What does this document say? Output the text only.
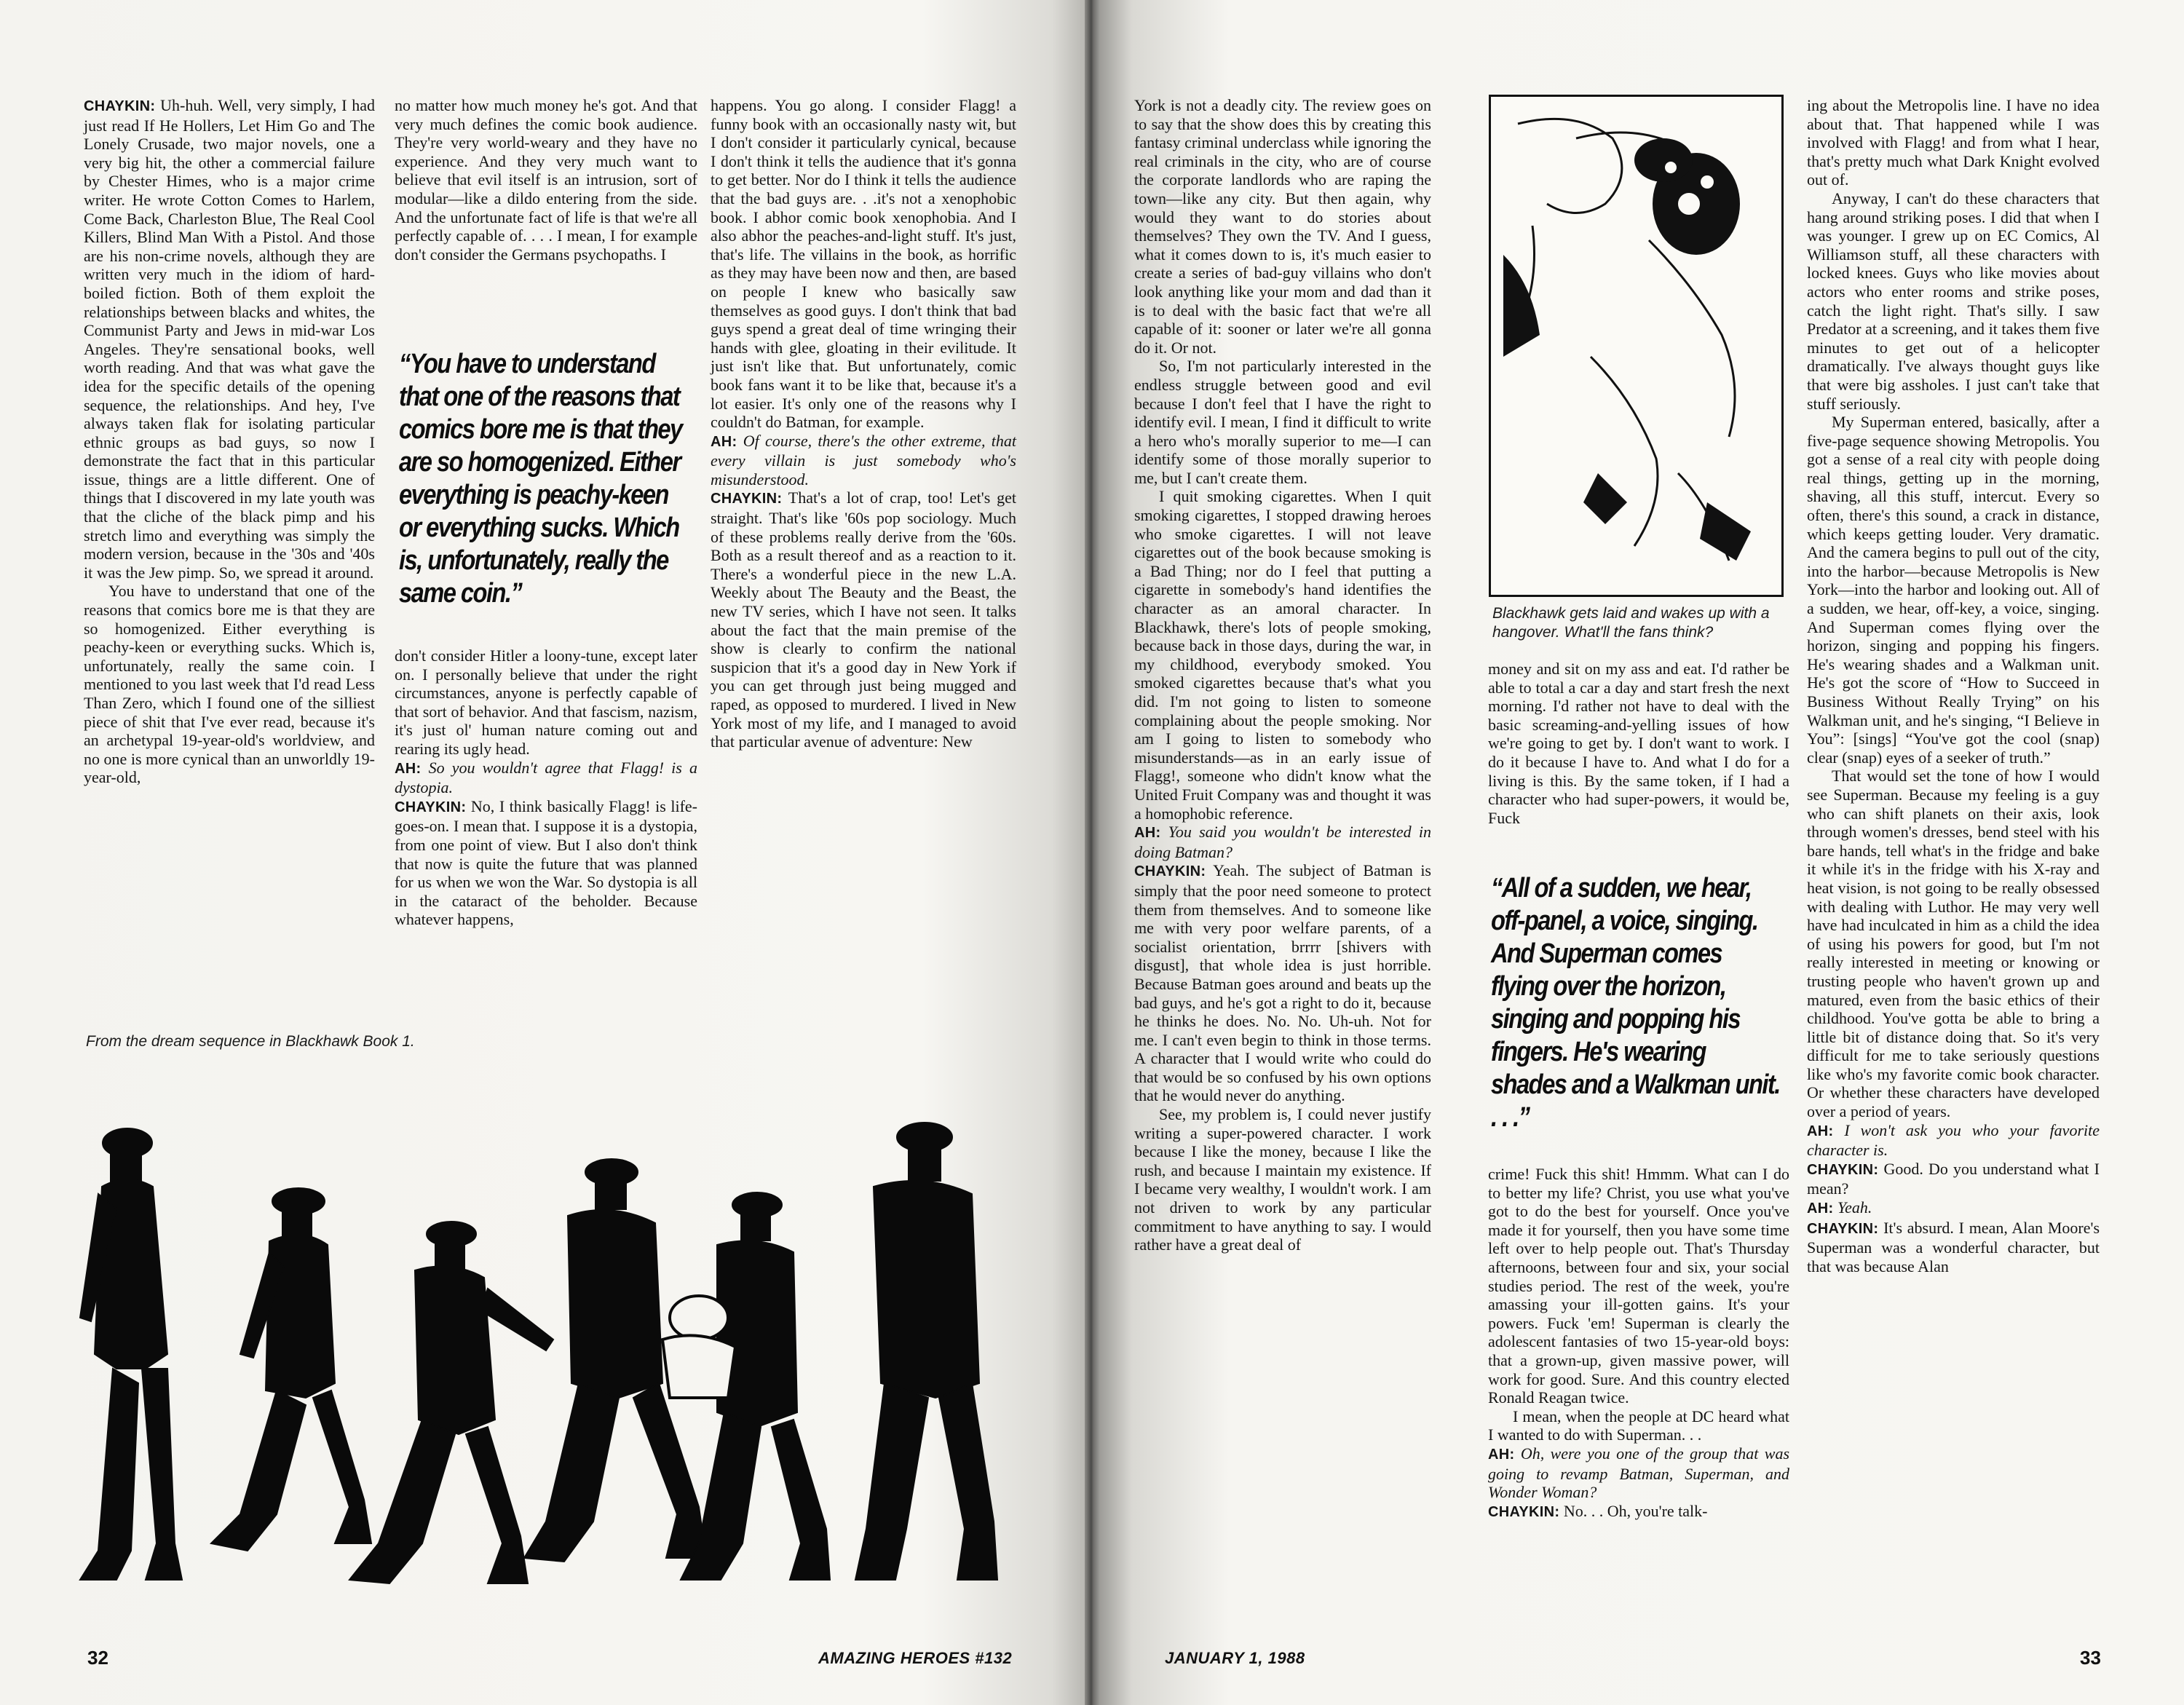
CHAYKIN: Uh-huh. Well, very simply, I had just read If He Hollers, Let Him Go and The Lonely Crusade, two major novels, one a very big hit, the other a commercial failure by Chester Himes, who is a major crime writer. He wrote Cotton Comes to Harlem, Come Back, Charleston Blue, The Real Cool Killers, Blind Man With a Pistol. And those are his non-crime novels, although they are written very much in the idiom of hard-boiled fiction. Both of them exploit the relationships between blacks and whites, the Communist Party and Jews in mid-war Los Angeles. They're sensational books, well worth reading. And that was what gave the idea for the specific details of the opening sequence, the relationships. And hey, I've always taken flak for isolating particular ethnic groups as bad guys, so now I demonstrate the fact that in this particular issue, things are a little different. One of things that I discovered in my late youth was that the cliche of the black pimp and his stretch limo and everything was simply the modern version, because in the '30s and '40s it was the Jew pimp. So, we spread it around.

You have to understand that one of the reasons that comics bore me is that they are so homogenized. Either everything is peachy-keen or everything sucks. Which is, unfortunately, really the same coin. I mentioned to you last week that I'd read Less Than Zero, which I found one of the silliest piece of shit that I've ever read, because it's an archetypal 19-year-old's worldview, and no one is more cynical than an unworldly 19-year-old,

no matter how much money he's got. And that very much defines the comic book audience. They're very world-weary and they have no experience. And they very much want to believe that evil itself is an intrusion, sort of modular—like a dildo entering from the side. And the unfortunate fact of life is that we're all perfectly capable of. . . . I mean, I for example don't consider the Germans psychopaths. I

“You have to understand that one of the reasons that comics bore me is that they are so homogenized. Either everything is peachy-keen or everything sucks. Which is, unfortunately, really the same coin.”

don't consider Hitler a loony-tune, except later on. I personally believe that under the right circumstances, anyone is perfectly capable of that sort of behavior. And that fascism, nazism, it's just ol' human nature coming out and rearing its ugly head.

AH: So you wouldn't agree that Flagg! is a dystopia.

CHAYKIN: No, I think basically Flagg! is life-goes-on. I mean that. I suppose it is a dystopia, from one point of view. But I also don't think that now is quite the future that was planned for us when we won the War. So dystopia is all in the cataract of the beholder. Because whatever happens,

happens. You go along. I consider Flagg! a funny book with an occasionally nasty wit, but I don't consider it particularly cynical, because I don't think it tells the audience that it's gonna to get better. Nor do I think it tells the audience that the bad guys are. . .it's not a xenophobic book. I abhor comic book xenophobia. And I also abhor the peaches-and-light stuff. It's just, that's life. The villains in the book, as horrific as they may have been now and then, are based on people I knew who basically saw themselves as good guys. I don't think that bad guys spend a great deal of time wringing their hands with glee, gloating in their evilitude. It just isn't like that. But unfortunately, comic book fans want it to be like that, because it's a lot easier. It's only one of the reasons why I couldn't do Batman, for example.

AH: Of course, there's the other extreme, that every villain is just somebody who's misunderstood.

CHAYKIN: That's a lot of crap, too! Let's get straight. That's like '60s pop sociology. Much of these problems really derive from the '60s. Both as a result thereof and as a reaction to it. There's a wonderful piece in the new L.A. Weekly about The Beauty and the Beast, the new TV series, which I have not seen. It talks about the fact that the main premise of the show is clearly to confirm the national suspicion that it's a good day in New York if you can get through just being mugged and raped, as opposed to murdered. I lived in New York most of my life, and I managed to avoid that particular avenue of adventure: New

From the dream sequence in Blackhawk Book 1.
32	AMAZING HEROES #132

York is not a deadly city. The review goes on to say that the show does this by creating this fantasy criminal underclass while ignoring the real criminals in the city, who are of course the corporate landlords who are raping the town—like any city. But then again, why would they want to do stories about themselves? They own the TV. And I guess, what it comes down to is, it's much easier to create a series of bad-guy villains who don't look anything like your mom and dad than it is to deal with the basic fact that we're all capable of it: sooner or later we're all gonna do it. Or not.

So, I'm not particularly interested in the endless struggle between good and evil because I don't feel that I have the right to identify evil. I mean, I find it difficult to write a hero who's morally superior to me—I can identify some of those morally superior to me, but I can't create them.

I quit smoking cigarettes. When I quit smoking cigarettes, I stopped drawing heroes who smoke cigarettes. I will not leave cigarettes out of the book because smoking is a Bad Thing; nor do I feel that putting a cigarette in somebody's hand identifies the character as an amoral character. In Blackhawk, there's lots of people smoking, because back in those days, during the war, in my childhood, everybody smoked. You smoked cigarettes because that's what you did. I'm not going to listen to someone complaining about the people smoking. Nor am I going to listen to somebody who misunderstands—as in an early issue of Flagg!, someone who didn't know what the United Fruit Company was and thought it was a homophobic reference.

AH: You said you wouldn't be interested in doing Batman?

CHAYKIN: Yeah. The subject of Batman is simply that the poor need someone to protect them from themselves. And to someone like me with very poor welfare parents, of a socialist orientation, brrrr [shivers with disgust], that whole idea is just horrible. Because Batman goes around and beats up the bad guys, and he's got a right to do it, because he thinks he does. No. No. Uh-uh. Not for me. I can't even begin to think in those terms. A character that I would write who could do that would be so confused by his own options that he would never do anything.

See, my problem is, I could never justify writing a super-powered character. I work because I like the money, because I like the rush, and because I maintain my existence. If I became very wealthy, I wouldn't work. I am not driven to work by any particular commitment to have anything to say. I would rather have a great deal of

Blackhawk gets laid and wakes up with a hangover. What'll the fans think?

money and sit on my ass and eat. I'd rather be able to total a car a day and start fresh the next morning. I'd rather not have to deal with the basic screaming-and-yelling issues of how we're going to get by. I don't want to work. I do it because I have to. And what I do for a living is this. By the same token, if I had a character who had super-powers, it would be, Fuck

“All of a sudden, we hear, off-panel, a voice, singing. And Superman comes flying over the horizon, singing and popping his fingers. He's wearing shades and a Walkman unit. . . .”

crime! Fuck this shit! Hmmm. What can I do to better my life? Christ, you use what you've got to do the best for yourself. Once you've made it for yourself, then you have some time left over to help people out. That's Thursday afternoons, between four and six, your social studies period. The rest of the week, you're amassing your ill-gotten gains. It's your powers. Fuck 'em! Superman is clearly the adolescent fantasies of two 15-year-old boys: that a grown-up, given massive power, will work for good. Sure. And this country elected Ronald Reagan twice.

I mean, when the people at DC heard what I wanted to do with Superman. . .

AH: Oh, were you one of the group that was going to revamp Batman, Superman, and Wonder Woman?

CHAYKIN: No. . . Oh, you're talk-

ing about the Metropolis line. I have no idea about that. That happened while I was involved with Flagg! and from what I hear, that's pretty much what Dark Knight evolved out of.

Anyway, I can't do these characters that hang around striking poses. I did that when I was younger. I grew up on EC Comics, Al Williamson stuff, all these characters with locked knees. Guys who like movies about actors who enter rooms and strike poses, catch the light right. That's silly. I saw Predator at a screening, and it takes them five minutes to get out of a helicopter dramatically. I've always thought guys like that were big assholes. I just can't take that stuff seriously.

My Superman entered, basically, after a five-page sequence showing Metropolis. You got a sense of a real city with people doing real things, getting up in the morning, shaving, all this stuff, intercut. Every so often, there's this sound, a crack in distance, which keeps getting louder. Very dramatic. And the camera begins to pull out of the city, into the harbor—because Metropolis is New York—into the harbor and looking out. All of a sudden, we hear, off-key, a voice, singing. And Superman comes flying over the horizon, singing and popping his fingers. He's wearing shades and a Walkman unit. He's got the score of “How to Succeed in Business Without Really Trying” on his Walkman unit, and he's singing, “I Believe in You”: [sings] “You've got the cool (snap) clear (snap) eyes of a seeker of truth.”

That would set the tone of how I would see Superman. Because my feeling is a guy who can shift planets on their axis, look through women's dresses, bend steel with his bare hands, tell what's in the fridge and bake it while it's in the fridge with his X-ray and heat vision, is not going to be really obsessed with dealing with Luthor. He may very well have had inculcated in him as a child the idea of using his powers for good, but I'm not really interested in meeting or knowing or trusting people who haven't grown up and matured, even from the basic ethics of their childhood. You've gotta be able to bring a little bit of distance doing that. So it's very difficult for me to take seriously questions like who's my favorite comic book character. Or whether these characters have developed over a period of years.

AH: I won't ask you who your favorite character is.

CHAYKIN: Good. Do you understand what I mean?

AH: Yeah.

CHAYKIN: It's absurd. I mean, Alan Moore's Superman was a wonderful character, but that was because Alan

JANUARY 1, 1988	33
